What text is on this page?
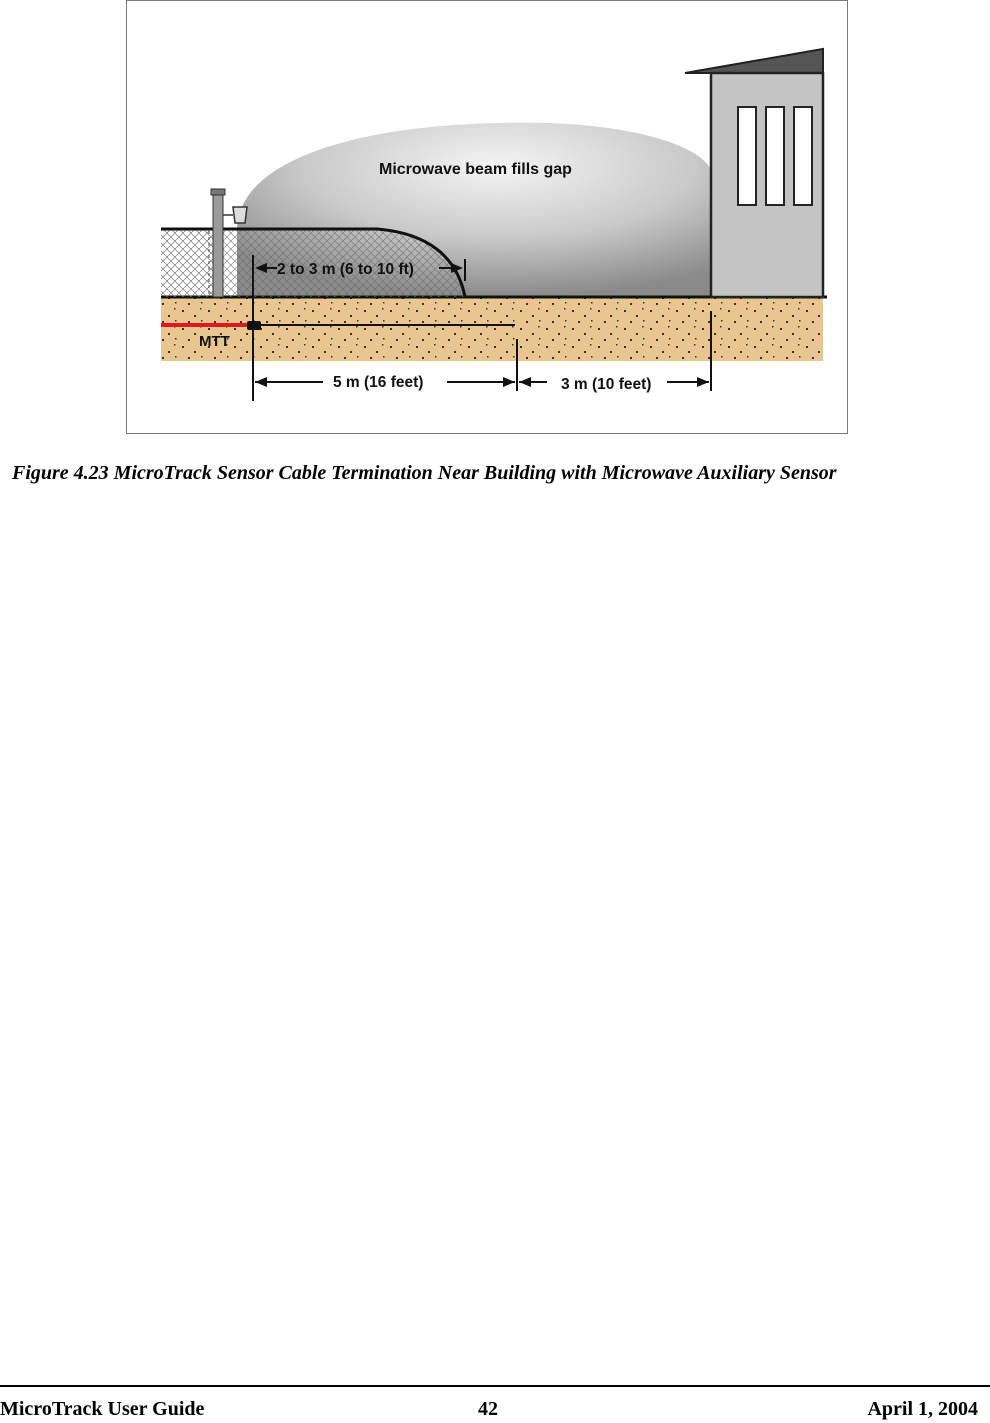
Microwave beam fills gap
2 to 3 m (6 to 10 ft)
MTT
5 m (16 feet)	3 m (10 feet)
Figure 4.23 MicroTrack Sensor Cable Termination Near Building with Microwave Auxiliary Sensor
MicroTrack User Guide	42	April 1, 2004
